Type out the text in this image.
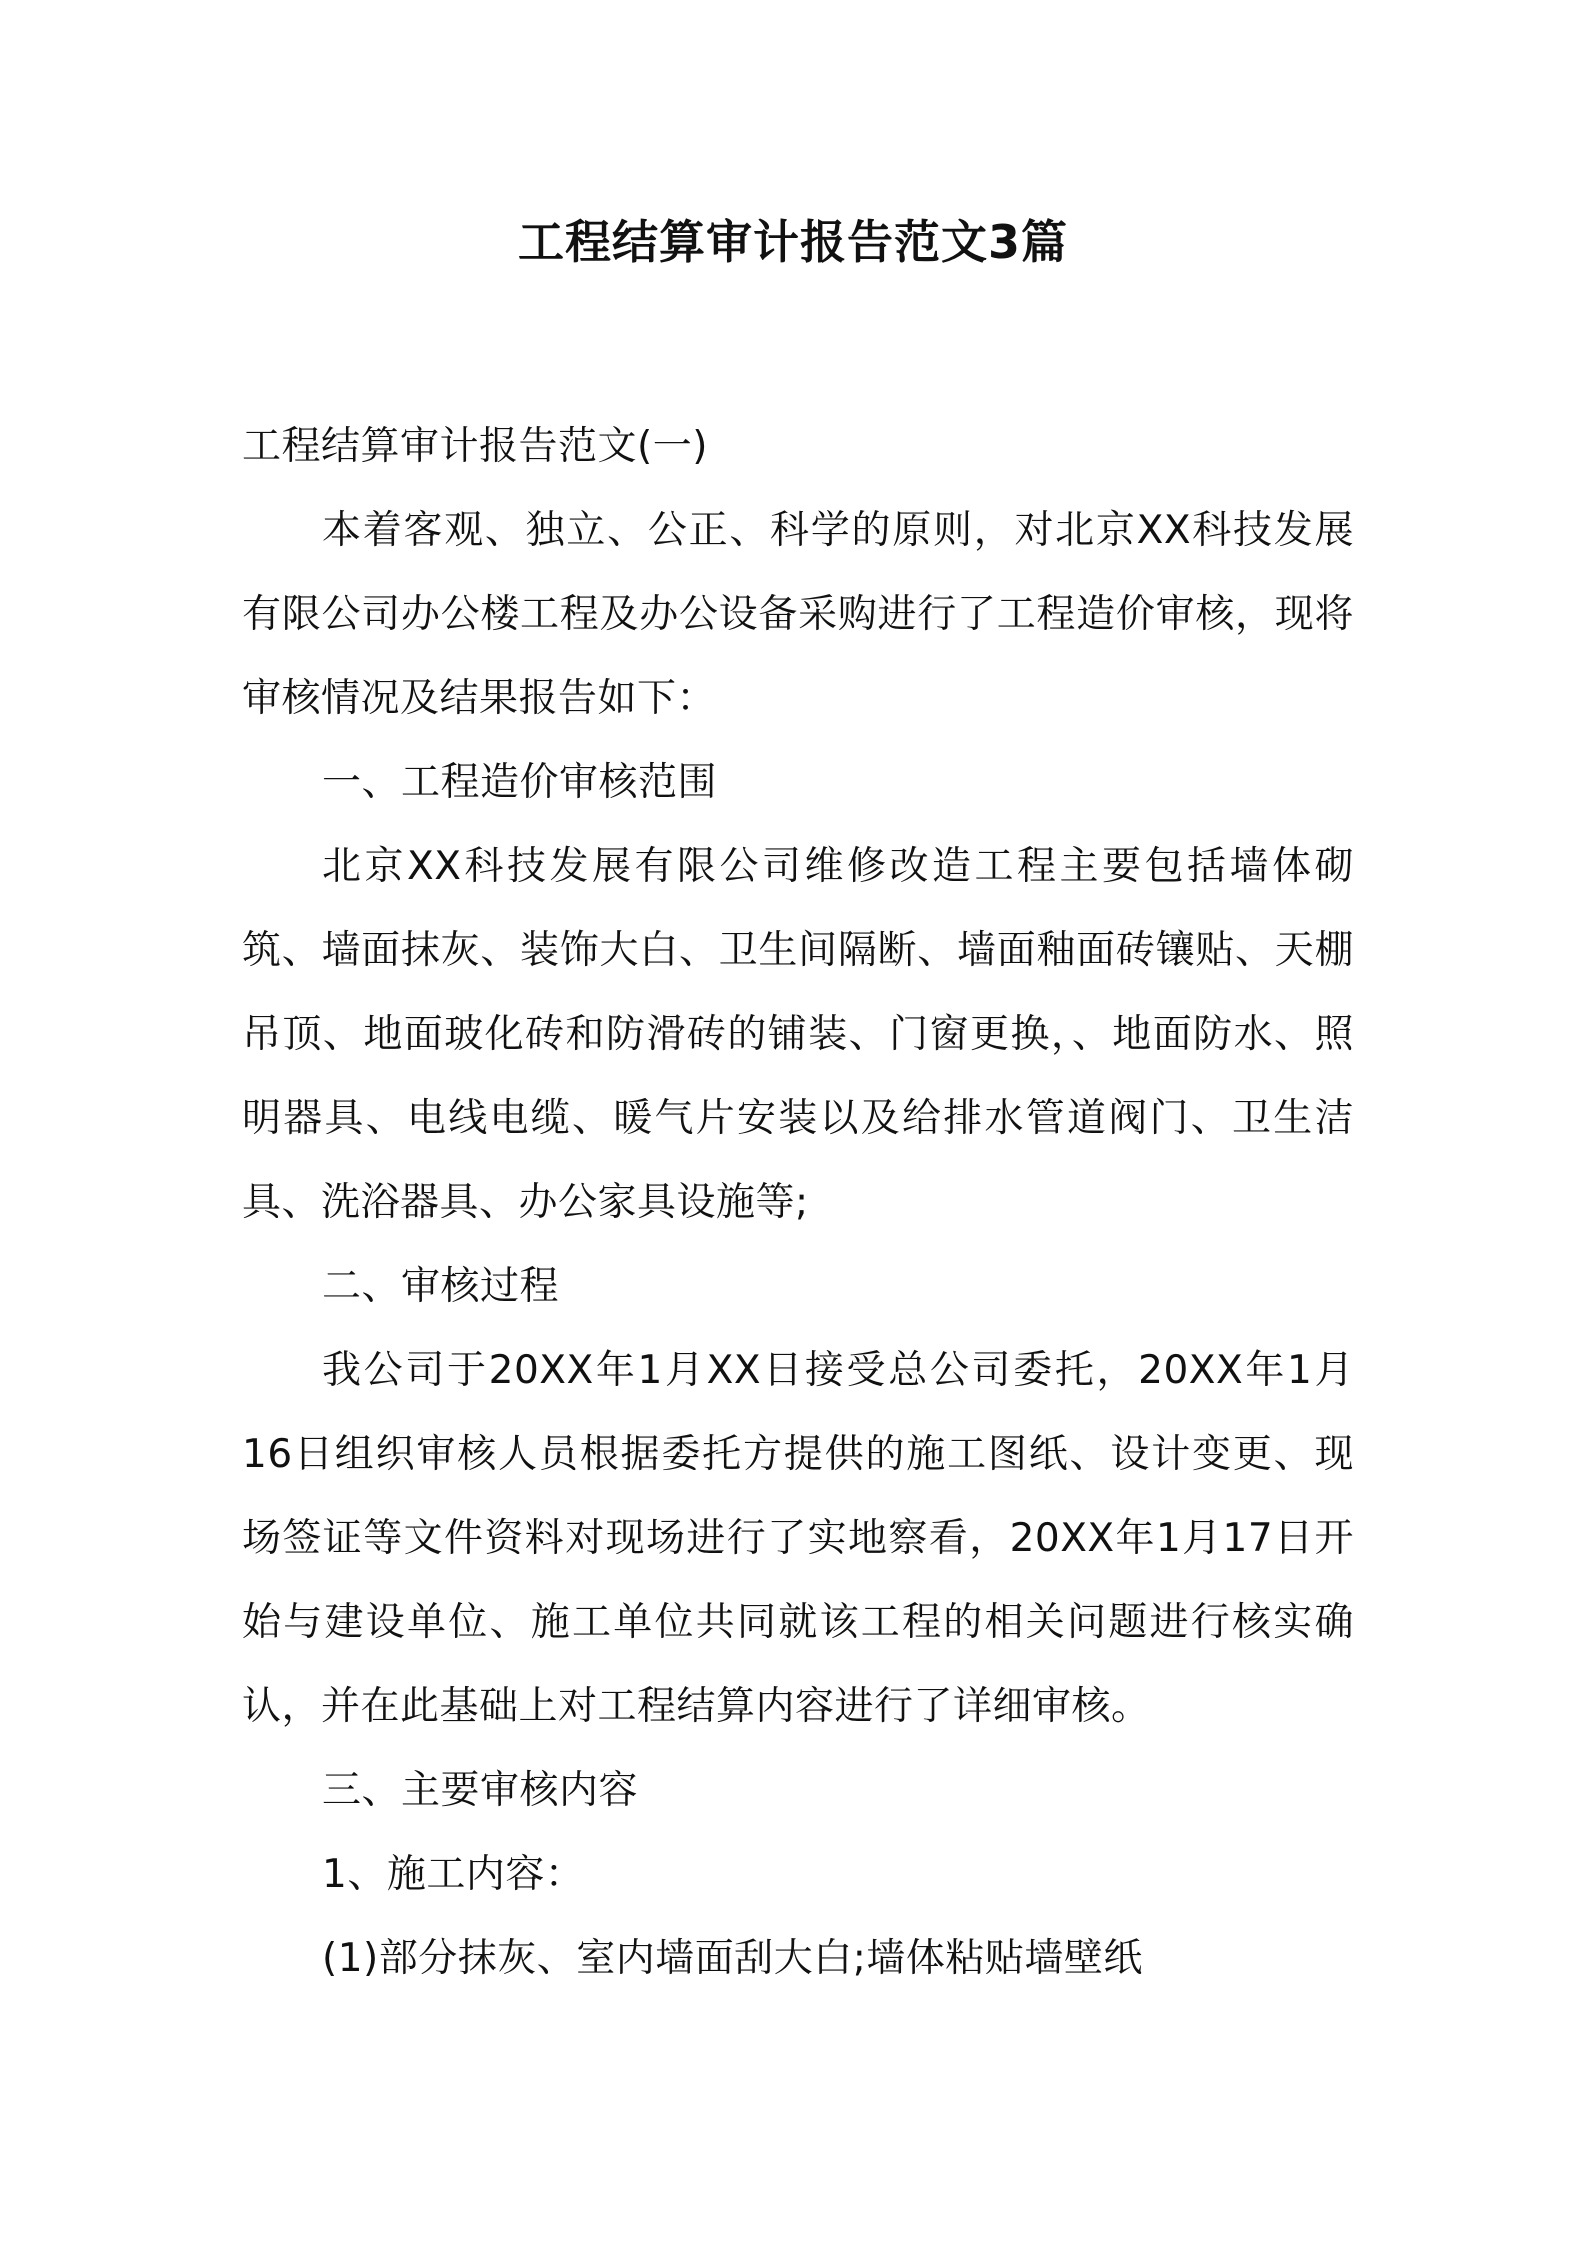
工程结算审计报告范文3篇

工程结算审计报告范文(一)

本着客观、独立、公正、科学的原则，对北京XX科技发展有限公司办公楼工程及办公设备采购进行了工程造价审核，现将审核情况及结果报告如下：

一、工程造价审核范围

北京XX科技发展有限公司维修改造工程主要包括墙体砌筑、墙面抹灰、装饰大白、卫生间隔断、墙面釉面砖镶贴、天棚吊顶、地面玻化砖和防滑砖的铺装、门窗更换，、地面防水、照明器具、电线电缆、暖气片安装以及给排水管道阀门、卫生洁具、洗浴器具、办公家具设施等;

二、审核过程

我公司于20XX年1月XX日接受总公司委托，20XX年1月16日组织审核人员根据委托方提供的施工图纸、设计变更、现场签证等文件资料对现场进行了实地察看，20XX年1月17日开始与建设单位、施工单位共同就该工程的相关问题进行核实确认，并在此基础上对工程结算内容进行了详细审核。

三、主要审核内容

1、施工内容：

(1)部分抹灰、室内墙面刮大白;墙体粘贴墙壁纸
